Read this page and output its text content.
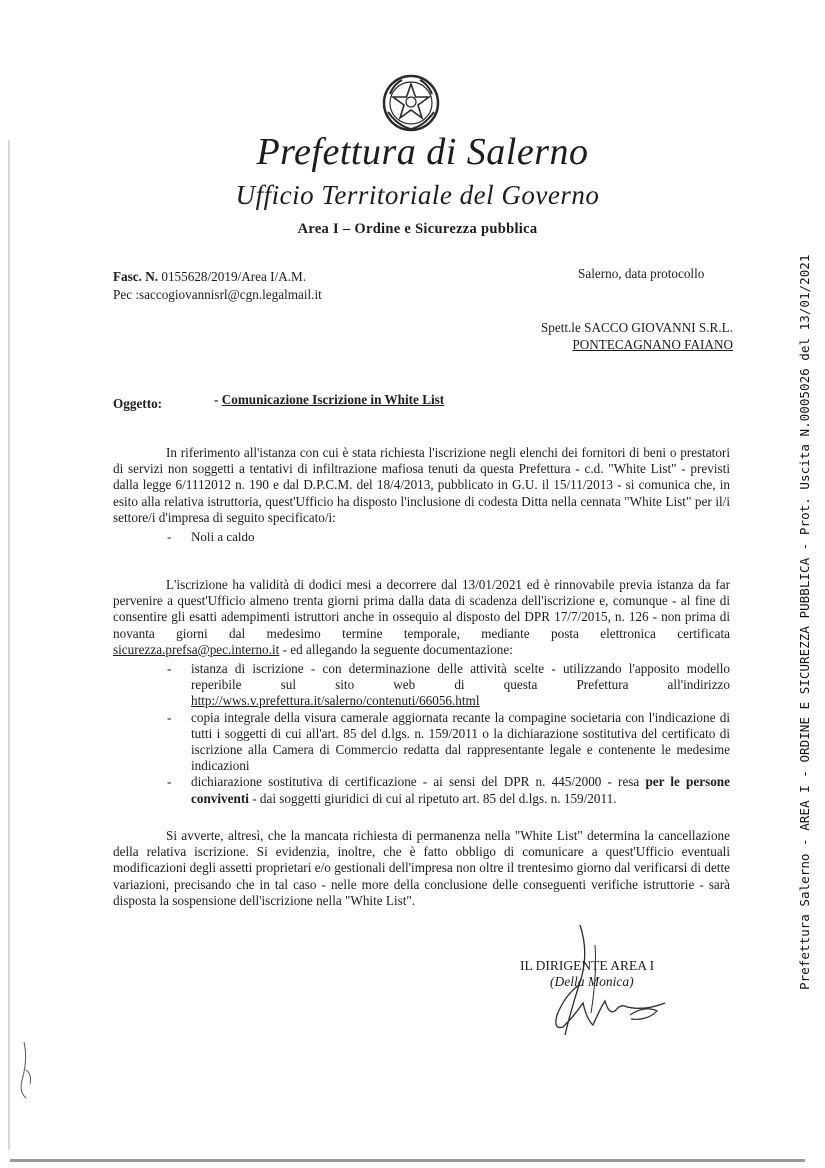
Prefettura di Salerno
Ufficio Territoriale del Governo
Area I – Ordine e Sicurezza pubblica
Fasc. N. 0155628/2019/Area I/A.M.
Pec :saccogiovannisrl@cgn.legalmail.it
Salerno, data protocollo
Spett.le SACCO GIOVANNI S.R.L.
PONTECAGNANO FAIANO
Oggetto:	- Comunicazione Iscrizione in White List

In riferimento all'istanza con cui è stata richiesta l'iscrizione negli elenchi dei fornitori di beni o prestatori di servizi non soggetti a tentativi di infiltrazione mafiosa tenuti da questa Prefettura - c.d. "White List" - previsti dalla legge 6/1112012 n. 190 e dal D.P.C.M. del 18/4/2013, pubblicato in G.U. il 15/11/2013 - si comunica che, in esito alla relativa istruttoria, quest'Ufficio ha disposto l'inclusione di codesta Ditta nella cennata "White List" per il/i settore/i d'impresa di seguito specificato/i:

- Noli a caldo

L'iscrizione ha validità di dodici mesi a decorrere dal 13/01/2021 ed è rinnovabile previa istanza da far pervenire a quest'Ufficio almeno trenta giorni prima dalla data di scadenza dell'iscrizione e, comunque - al fine di consentire gli esatti adempimenti istruttori anche in ossequio al disposto del DPR 17/7/2015, n. 126 - non prima di novanta giorni dal medesimo termine temporale, mediante posta elettronica certificata sicurezza.prefsa@pec.interno.it - ed allegando la seguente documentazione:

- istanza di iscrizione - con determinazione delle attività scelte - utilizzando l'apposito modello reperibile sul sito web di questa Prefettura all'indirizzo http://wws.v.prefettura.it/salerno/contenuti/66056.html

- copia integrale della visura camerale aggiornata recante la compagine societaria con l'indicazione di tutti i soggetti di cui all'art. 85 del d.lgs. n. 159/2011 o la dichiarazione sostitutiva del certificato di iscrizione alla Camera di Commercio redatta dal rappresentante legale e contenente le medesime indicazioni

- dichiarazione sostitutiva di certificazione - ai sensi del DPR n. 445/2000 - resa per le persone conviventi - dai soggetti giuridici di cui al ripetuto art. 85 del d.lgs. n. 159/2011.

Si avverte, altresì, che la mancata richiesta di permanenza nella "White List" determina la cancellazione della relativa iscrizione. Si evidenzia, inoltre, che è fatto obbligo di comunicare a quest'Ufficio eventuali modificazioni degli assetti proprietari e/o gestionali dell'impresa non oltre il trentesimo giorno dal verificarsi di dette variazioni, precisando che in tal caso - nelle more della conclusione delle conseguenti verifiche istruttorie - sarà disposta la sospensione dell'iscrizione nella "White List".

IL DIRIGENTE AREA I
(Della Monica)	Prefettura Salerno - AREA I - ORDINE E SICUREZZA PUBBLICA - Prot. Uscita N.0005026 del 13/01/2021
